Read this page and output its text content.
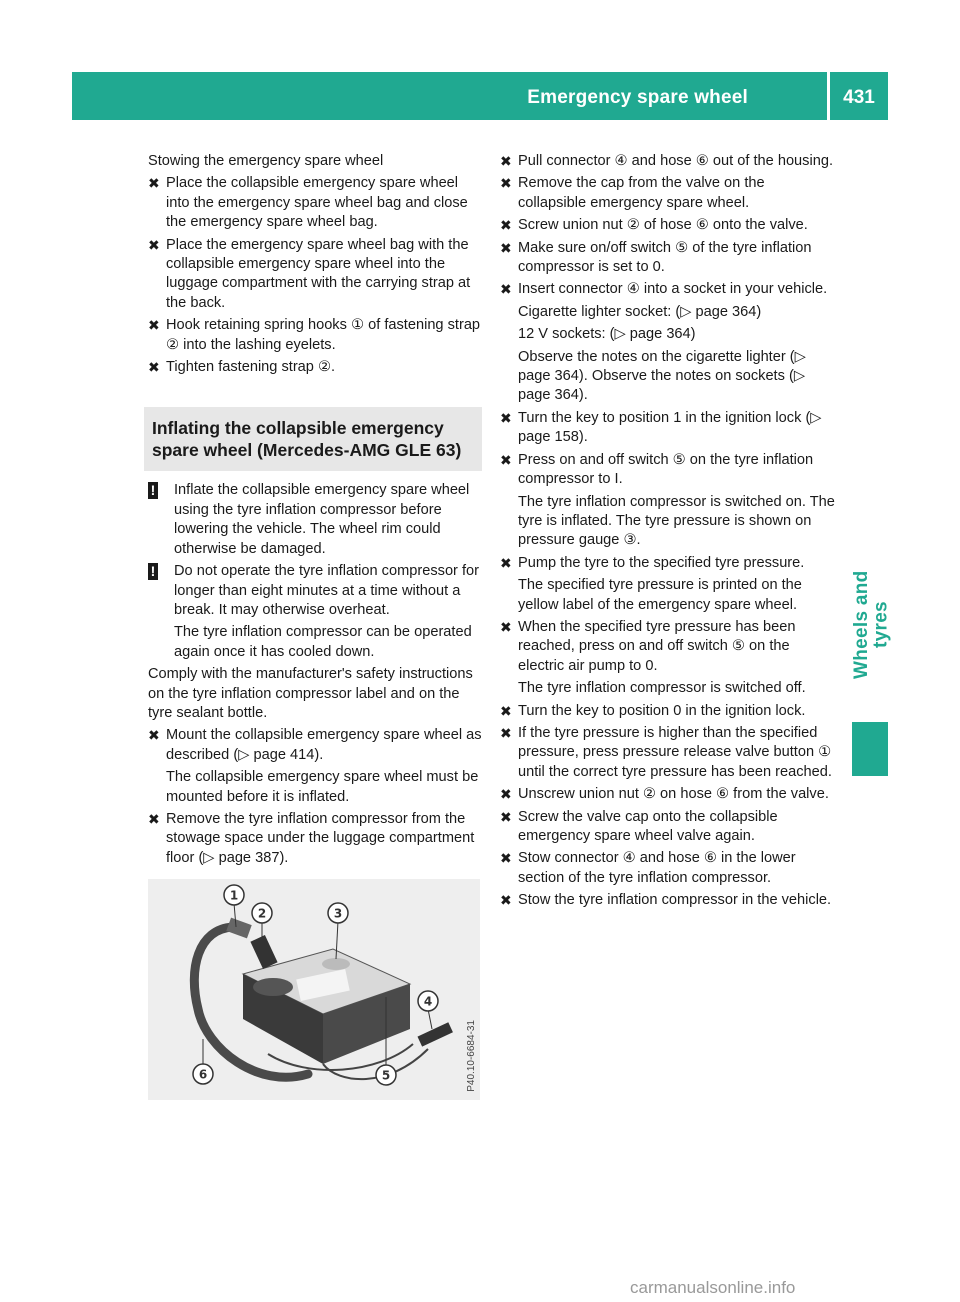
Emergency spare wheel	431
Wheels and tyres

Stowing the emergency spare wheel

✖ Place the collapsible emergency spare wheel into the emergency spare wheel bag and close the emergency spare wheel bag.
✖ Place the emergency spare wheel bag with the collapsible emergency spare wheel into the luggage compartment with the carrying strap at the back.
✖ Hook retaining spring hooks ① of fastening strap ② into the lashing eyelets.
✖ Tighten fastening strap ②.
Inflating the collapsible emergency
spare wheel (Mercedes-AMG GLE 63)
! Inflate the collapsible emergency spare wheel using the tyre inflation compressor before lowering the vehicle. The wheel rim could otherwise be damaged.
! Do not operate the tyre inflation compressor for longer than eight minutes at a time without a break. It may otherwise overheat.

The tyre inflation compressor can be operated again once it has cooled down.

Comply with the manufacturer's safety instructions on the tyre inflation compressor label and on the tyre sealant bottle.

✖ Mount the collapsible emergency spare wheel as described (▷ page 414).

The collapsible emergency spare wheel must be mounted before it is inflated.

✖ Remove the tyre inflation compressor from the stowage space under the luggage compartment floor (▷ page 387).
1
2	3
4
5
6	P40.10-6684-31
✖ Pull connector ④ and hose ⑥ out of the housing.
✖ Remove the cap from the valve on the collapsible emergency spare wheel.
✖ Screw union nut ② of hose ⑥ onto the valve.
✖ Make sure on/off switch ⑤ of the tyre inflation compressor is set to 0.
✖ Insert connector ④ into a socket in your vehicle.

Cigarette lighter socket: (▷ page 364)

12 V sockets: (▷ page 364)

Observe the notes on the cigarette lighter (▷ page 364). Observe the notes on sockets (▷ page 364).

✖ Turn the key to position 1 in the ignition lock (▷ page 158).
✖ Press on and off switch ⑤ on the tyre inflation compressor to I.

The tyre inflation compressor is switched on. The tyre is inflated. The tyre pressure is shown on pressure gauge ③.

✖ Pump the tyre to the specified tyre pressure.

The specified tyre pressure is printed on the yellow label of the emergency spare wheel.

✖ When the specified tyre pressure has been reached, press on and off switch ⑤ on the electric air pump to 0.

The tyre inflation compressor is switched off.

✖ Turn the key to position 0 in the ignition lock.
✖ If the tyre pressure is higher than the specified pressure, press pressure release valve button ① until the correct tyre pressure has been reached.
✖ Unscrew union nut ② on hose ⑥ from the valve.
✖ Screw the valve cap onto the collapsible emergency spare wheel valve again.
✖ Stow connector ④ and hose ⑥ in the lower section of the tyre inflation compressor.
✖ Stow the tyre inflation compressor in the vehicle.
carmanualsonline.info
